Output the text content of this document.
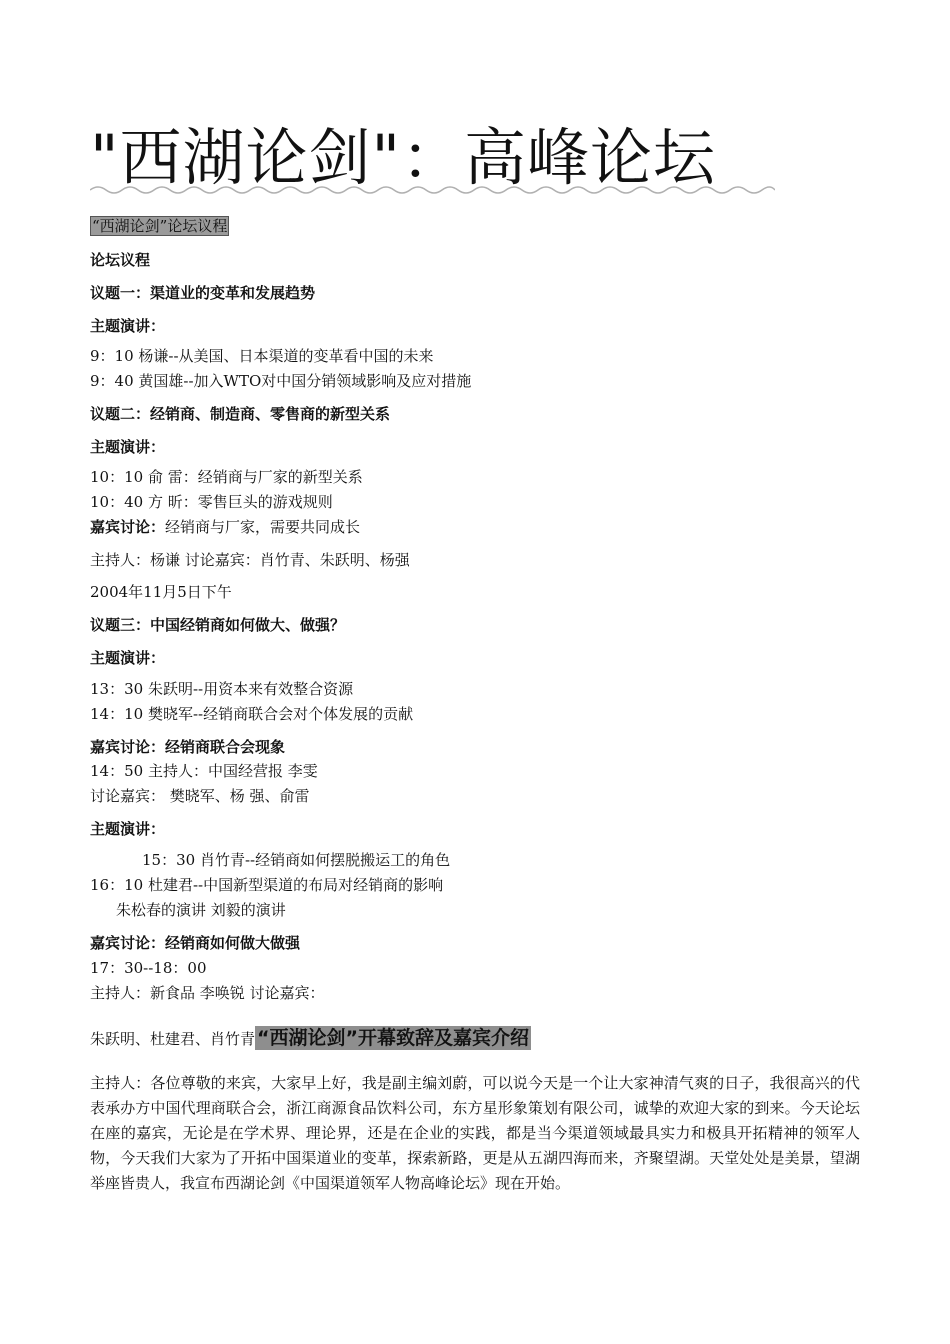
"西湖论剑"：高峰论坛
“西湖论剑”论坛议程
论坛议程
议题一：渠道业的变革和发展趋势
主题演讲：
9：10 杨谦--从美国、日本渠道的变革看中国的未来
9：40 黄国雄--加入WTO对中国分销领域影响及应对措施
议题二：经销商、制造商、零售商的新型关系
主题演讲：
10：10 俞 雷：经销商与厂家的新型关系
10：40 方 昕：零售巨头的游戏规则
嘉宾讨论：经销商与厂家，需要共同成长
主持人：杨谦 讨论嘉宾：肖竹青、朱跃明、杨强
2004年11月5日下午
议题三：中国经销商如何做大、做强？
主题演讲：
13：30 朱跃明--用资本来有效整合资源
14：10 樊晓军--经销商联合会对个体发展的贡献
嘉宾讨论：经销商联合会现象
14：50 主持人：中国经营报 李雯
讨论嘉宾： 樊晓军、杨 强、俞雷
主题演讲：
15：30 肖竹青--经销商如何摆脱搬运工的角色
16：10 杜建君--中国新型渠道的布局对经销商的影响
朱松春的演讲 刘毅的演讲
嘉宾讨论：经销商如何做大做强
17：30--18：00
主持人：新食品 李唤锐 讨论嘉宾：
朱跃明、杜建君、肖竹青 “西湖论剑”开幕致辞及嘉宾介绍
主持人：各位尊敬的来宾，大家早上好，我是副主编刘蔚，可以说今天是一个让大家神清气爽的日子，我很高兴的代表承办方中国代理商联合会，浙江商源食品饮料公司，东方星形象策划有限公司，诚挚的欢迎大家的到来。今天论坛在座的嘉宾，无论是在学术界、理论界，还是在企业的实践，都是当今渠道领域最具实力和极具开拓精神的领军人物，今天我们大家为了开拓中国渠道业的变革，探索新路，更是从五湖四海而来，齐聚望湖。天堂处处是美景，望湖举座皆贵人，我宣布西湖论剑《中国渠道领军人物高峰论坛》现在开始。
